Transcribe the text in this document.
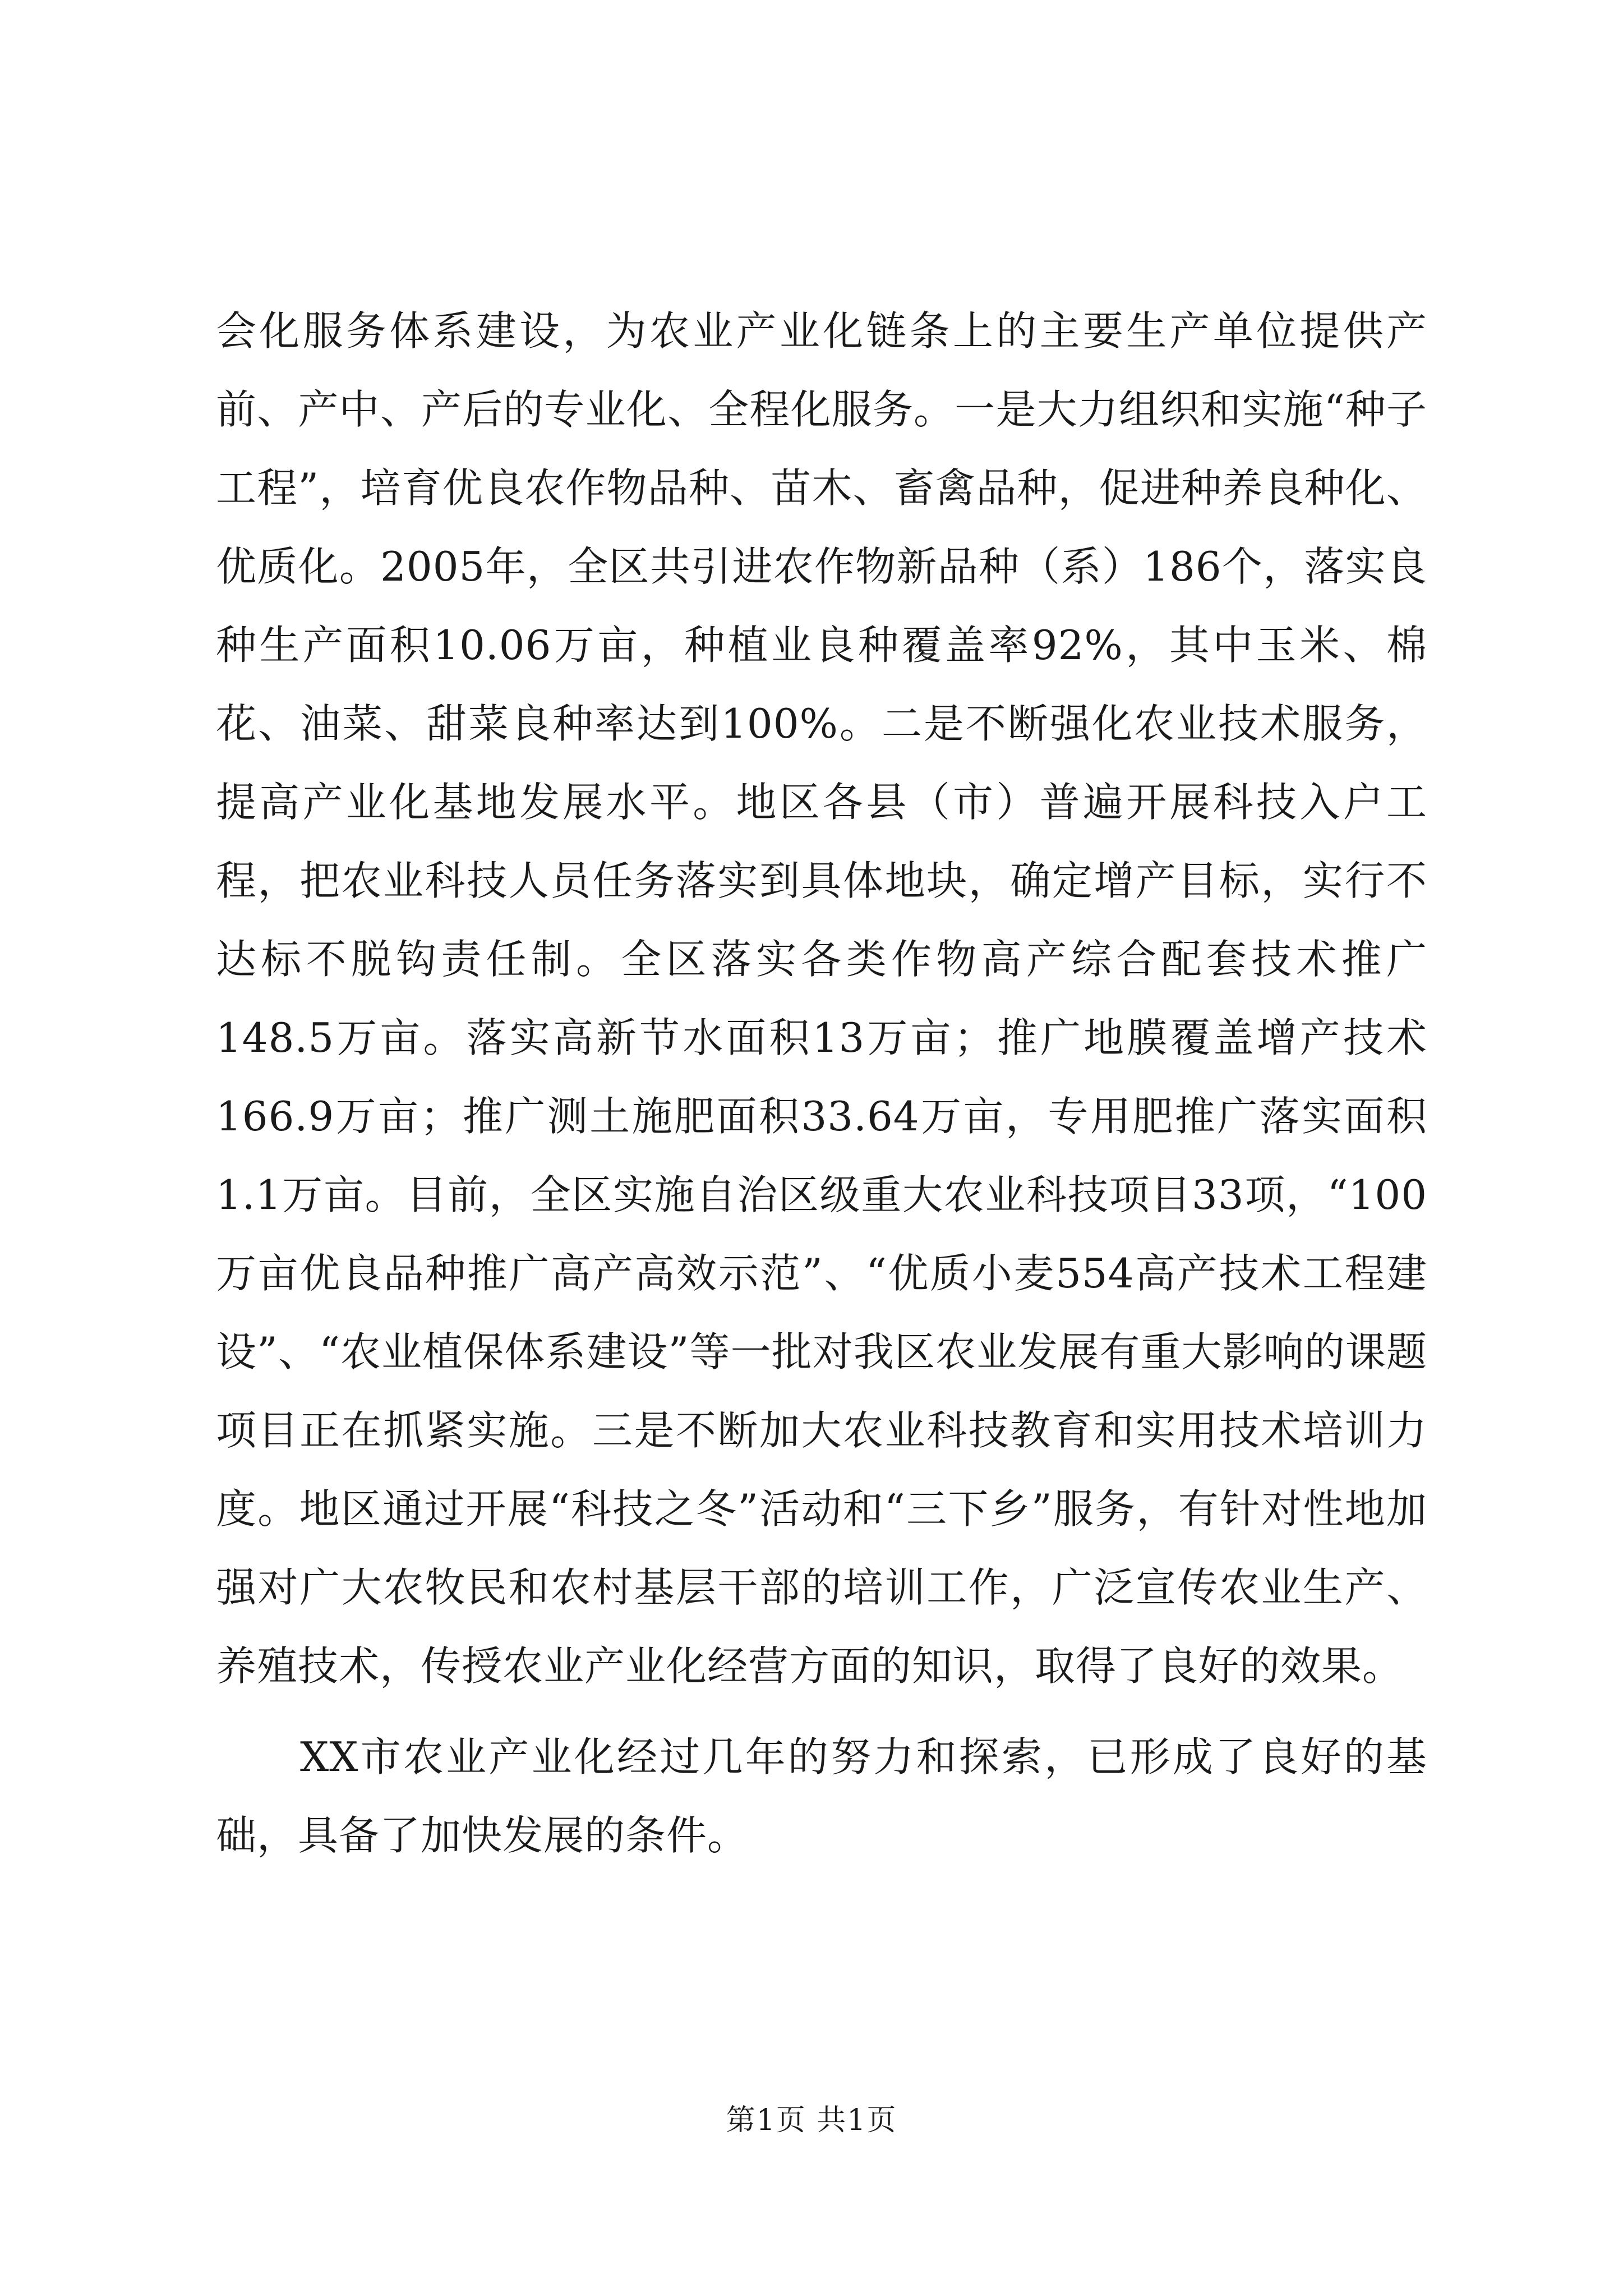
会化服务体系建设，为农业产业化链条上的主要生产单位提供产前、产中、产后的专业化、全程化服务。一是大力组织和实施“种子工程”，培育优良农作物品种、苗木、畜禽品种，促进种养良种化、优质化。2005年，全区共引进农作物新品种（系）186个，落实良种生产面积10.06万亩，种植业良种覆盖率92%，其中玉米、棉花、油菜、甜菜良种率达到100%。二是不断强化农业技术服务，提高产业化基地发展水平。地区各县（市）普遍开展科技入户工程，把农业科技人员任务落实到具体地块，确定增产目标，实行不达标不脱钩责任制。全区落实各类作物高产综合配套技术推广148.5万亩。落实高新节水面积13万亩；推广地膜覆盖增产技术166.9万亩；推广测土施肥面积33.64万亩，专用肥推广落实面积1.1万亩。目前，全区实施自治区级重大农业科技项目33项，“100万亩优良品种推广高产高效示范”、“优质小麦554高产技术工程建设”、“农业植保体系建设”等一批对我区农业发展有重大影响的课题项目正在抓紧实施。三是不断加大农业科技教育和实用技术培训力度。地区通过开展“科技之冬”活动和“三下乡”服务，有针对性地加强对广大农牧民和农村基层干部的培训工作，广泛宣传农业生产、养殖技术，传授农业产业化经营方面的知识，取得了良好的效果。

XX市农业产业化经过几年的努力和探索，已形成了良好的基础，具备了加快发展的条件。

第1页 共1页
